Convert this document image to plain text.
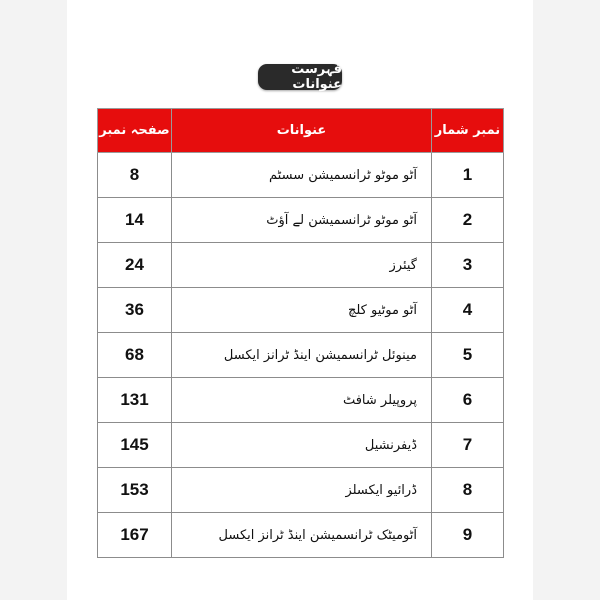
فہرست عنوانات
صفحہ نمبر	عنوانات	نمبر شمار
8	آٹو موٹو ٹرانسمیشن سسٹم	1
14	آٹو موٹو ٹرانسمیشن لے آؤٹ	2
24	گیئرز	3
36	آٹو موٹیو کلچ	4
68	مینوئل ٹرانسمیشن اینڈ ٹرانز ایکسل	5
131	پروپیلر شافٹ	6
145	ڈیفرنشیل	7
153	ڈرائیو ایکسلز	8
167	آٹومیٹک ٹرانسمیشن اینڈ ٹرانز ایکسل	9
